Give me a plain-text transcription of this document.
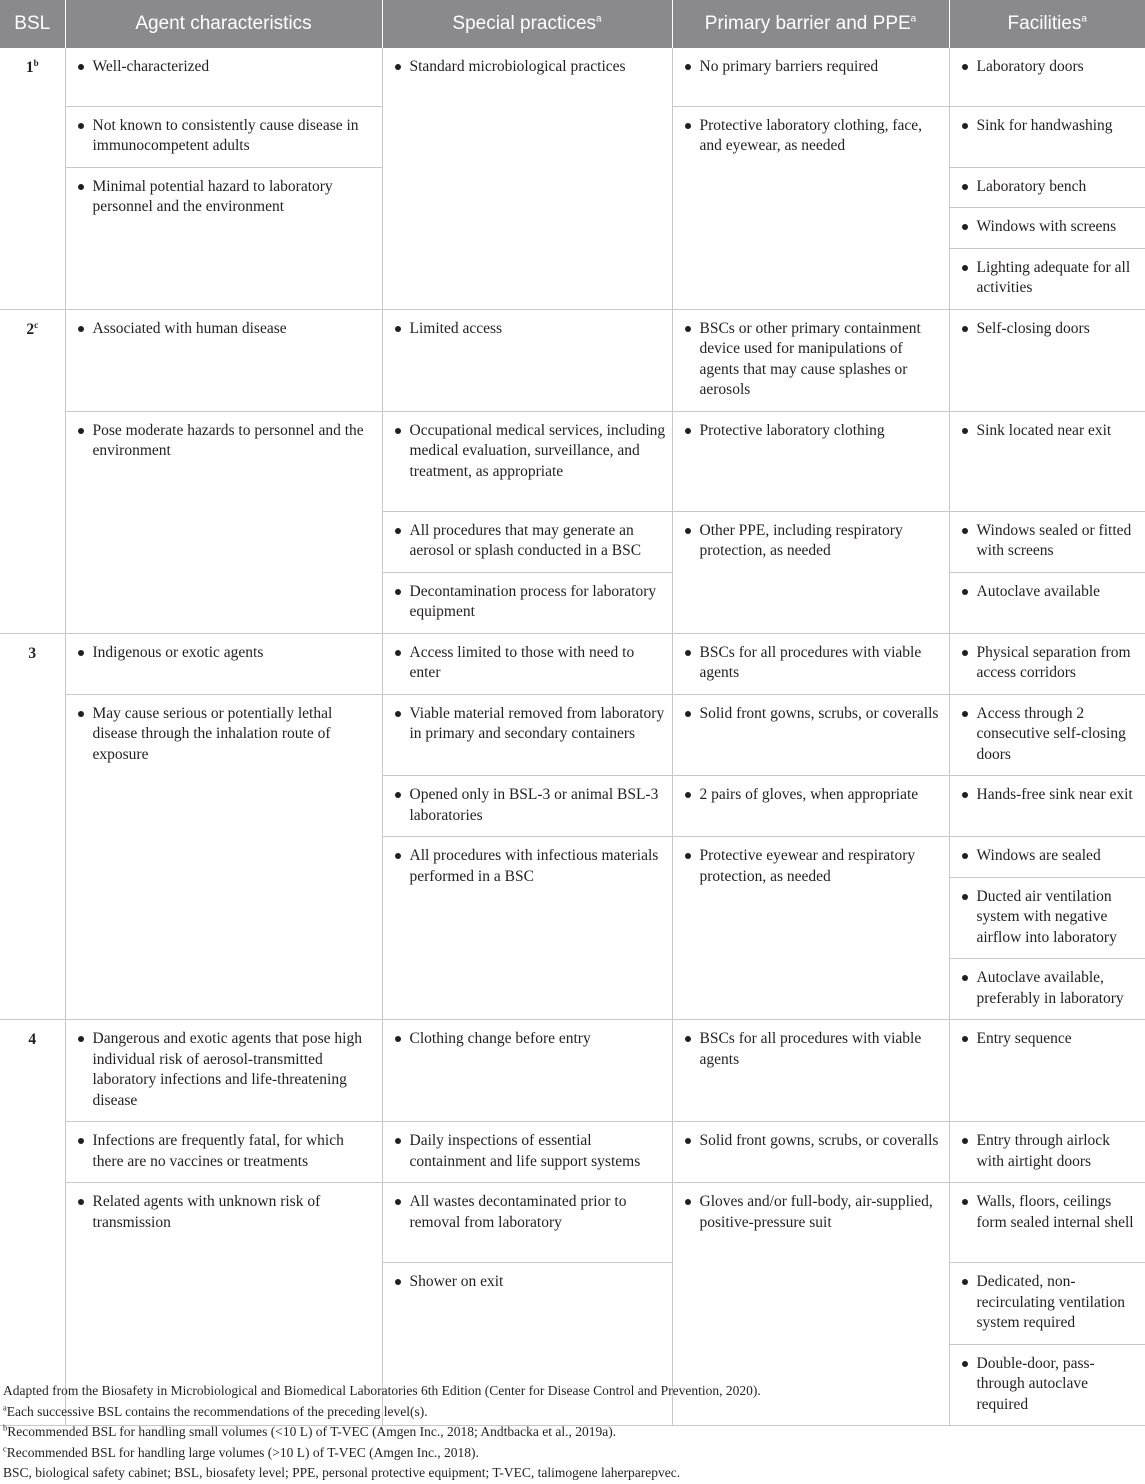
BSL	Agent characteristics	Special practices$^a$	Primary barrier and PPE$^a$	Facilities$^a$
1$^b$	Well-characterized	Standard microbiological practices	No primary barriers required	Laboratory doors

	Not known to consistently cause disease in immunocompetent adults		Protective laboratory clothing, face, and eyewear, as needed	Sink for handwashing

	Minimal potential hazard to laboratory personnel and the environment			Laboratory bench

				Windows with screens

				Lighting adequate for all activities

2$^c$	Associated with human disease	Limited access	BSCs or other primary containment device used for manipulations of agents that may cause splashes or aerosols	Self-closing doors

	Pose moderate hazards to personnel and the environment	Occupational medical services, including medical evaluation, surveillance, and treatment, as appropriate	Protective laboratory clothing	Sink located near exit

		All procedures that may generate an aerosol or splash conducted in a BSC	Other PPE, including respiratory protection, as needed	Windows sealed or fitted with screens

		Decontamination process for laboratory equipment		Autoclave available

3	Indigenous or exotic agents	Access limited to those with need to enter	BSCs for all procedures with viable agents	Physical separation from access corridors

	May cause serious or potentially lethal disease through the inhalation route of exposure	Viable material removed from laboratory in primary and secondary containers	Solid front gowns, scrubs, or coveralls	Access through 2 consecutive self-closing doors

		Opened only in BSL-3 or animal BSL-3 laboratories	2 pairs of gloves, when appropriate	Hands-free sink near exit

		All procedures with infectious materials performed in a BSC	Protective eyewear and respiratory protection, as needed	Windows are sealed

				Ducted air ventilation system with negative airflow into laboratory

				Autoclave available, preferably in laboratory

4	Dangerous and exotic agents that pose high individual risk of aerosol-transmitted laboratory infections and life-threatening disease	Clothing change before entry	BSCs for all procedures with viable agents	Entry sequence

	Infections are frequently fatal, for which there are no vaccines or treatments	Daily inspections of essential containment and life support systems	Solid front gowns, scrubs, or coveralls	Entry through airlock with airtight doors

	Related agents with unknown risk of transmission	All wastes decontaminated prior to removal from laboratory	Gloves and/or full-body, air-supplied, positive-pressure suit	Walls, floors, ceilings form sealed internal shell

		Shower on exit		Dedicated, non-recirculating ventilation system required

				Double-door, pass-through autoclave required

Adapted from the Biosafety in Microbiological and Biomedical Laboratories 6th Edition (Center for Disease Control and Prevention, 2020).

$^a$Each successive BSL contains the recommendations of the preceding level(s).

$^b$Recommended BSL for handling small volumes (<10 L) of T-VEC (Amgen Inc., 2018; Andtbacka et al., 2019a).

$^c$Recommended BSL for handling large volumes (>10 L) of T-VEC (Amgen Inc., 2018).

BSC, biological safety cabinet; BSL, biosafety level; PPE, personal protective equipment; T-VEC, talimogene laherparepvec.
